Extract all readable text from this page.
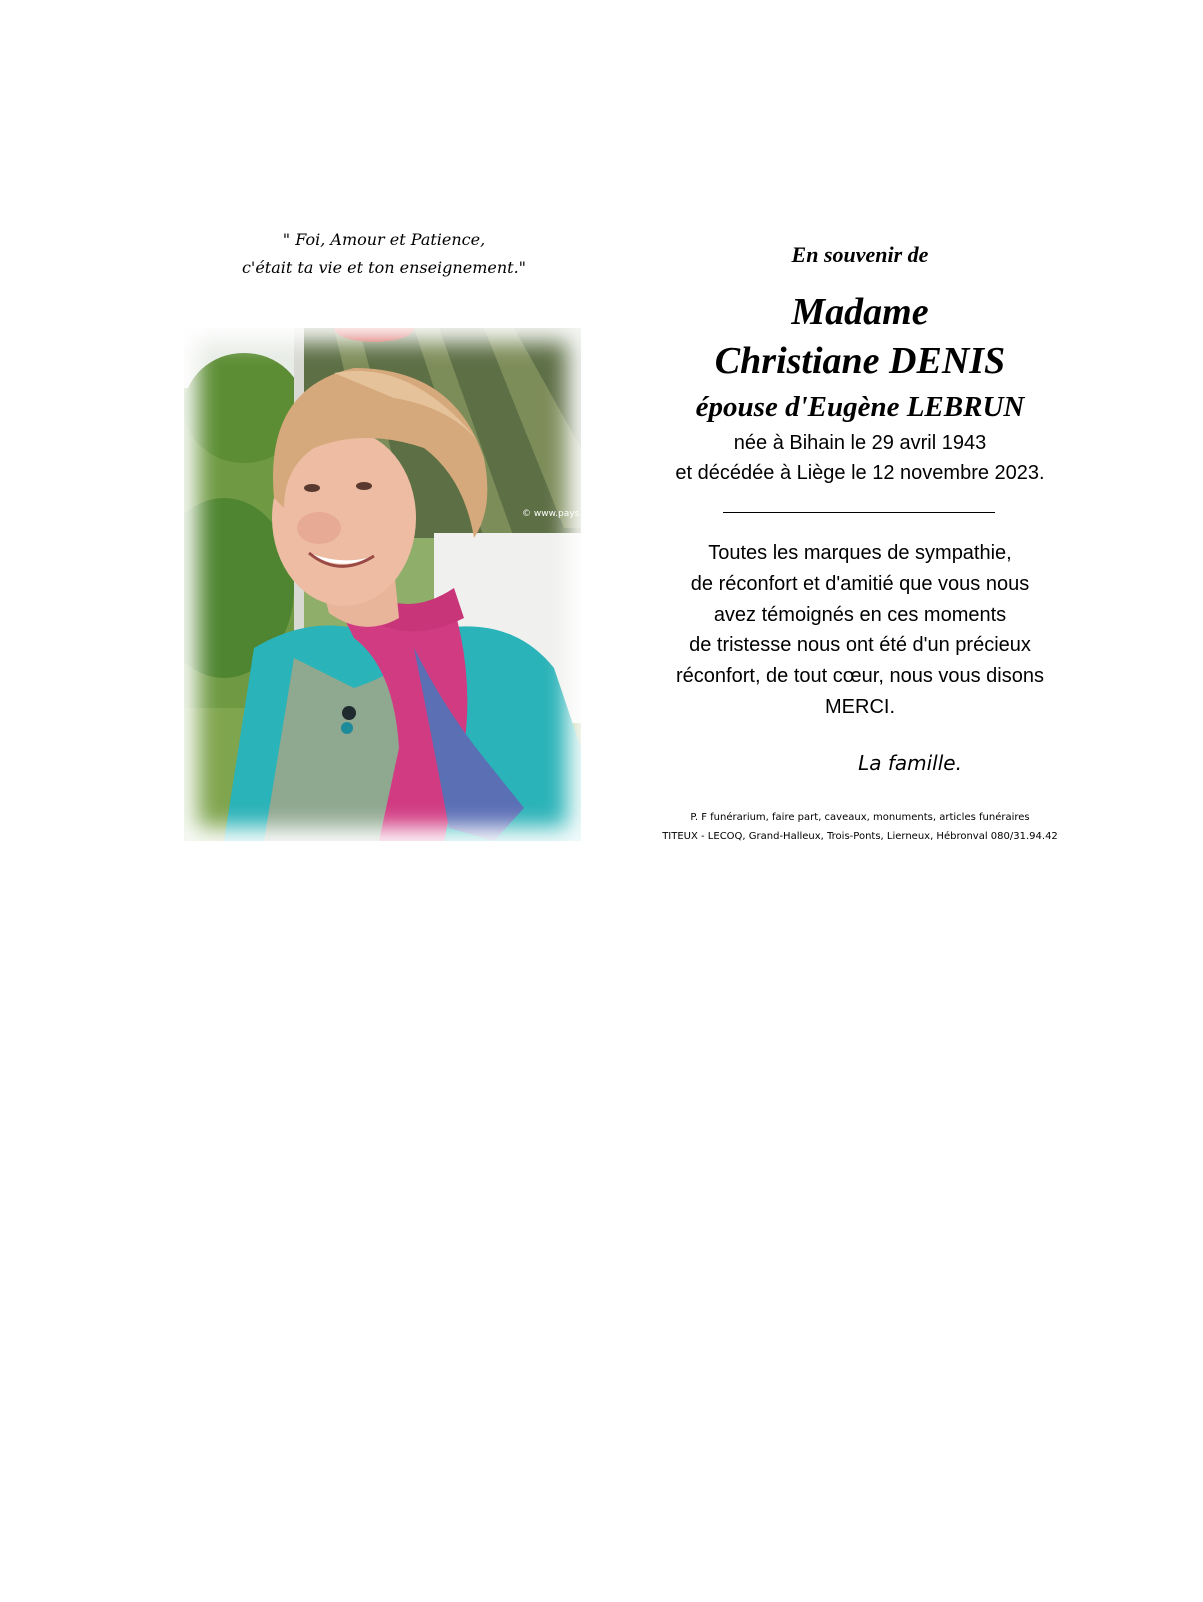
" Foi, Amour et Patience,
c'était ta vie et ton enseignement."
© www.pays
En souvenir de
Madame
Christiane DENIS
épouse d'Eugène LEBRUN
née à Bihain le 29 avril 1943
et décédée à Liège le 12 novembre 2023.
Toutes les marques de sympathie,
de réconfort et d'amitié que vous nous
avez témoignés en ces moments
de tristesse nous ont été d'un précieux
réconfort, de tout cœur, nous vous disons
MERCI.
La famille.
P. F funérarium, faire part, caveaux, monuments, articles funéraires
TITEUX - LECOQ, Grand-Halleux, Trois-Ponts, Lierneux, Hébronval 080/31.94.42
